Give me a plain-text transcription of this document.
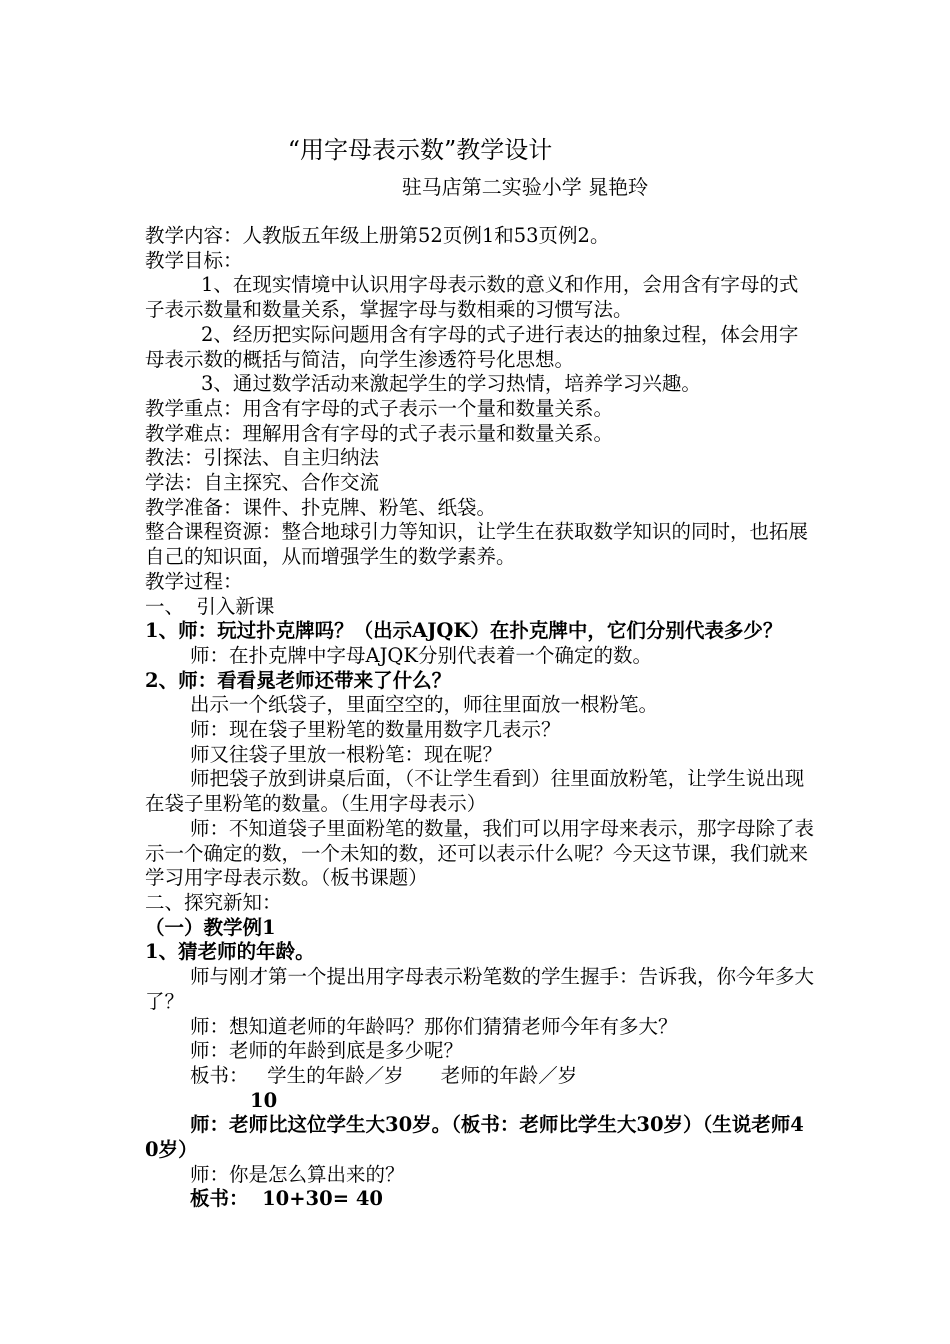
“用字母表示数”教学设计
驻马店第二实验小学 晁艳玲

教学内容：人教版五年级上册第52页例1和53页例2。

教学目标：

1、在现实情境中认识用字母表示数的意义和作用，会用含有字母的式子表示数量和数量关系，掌握字母与数相乘的习惯写法。

2、经历把实际问题用含有字母的式子进行表达的抽象过程，体会用字母表示数的概括与简洁，向学生渗透符号化思想。

3、通过数学活动来激起学生的学习热情，培养学习兴趣。

教学重点：用含有字母的式子表示一个量和数量关系。

教学难点：理解用含有字母的式子表示量和数量关系。

教法：引探法、自主归纳法

学法：自主探究、合作交流

教学准备：课件、扑克牌、粉笔、纸袋。

整合课程资源：整合地球引力等知识，让学生在获取数学知识的同时，也拓展自己的知识面，从而增强学生的数学素养。

教学过程：

一、  引入新课

1、师：玩过扑克牌吗？（出示AJQK）在扑克牌中，它们分别代表多少？

师：在扑克牌中字母AJQK分别代表着一个确定的数。

2、师：看看晁老师还带来了什么？

出示一个纸袋子，里面空空的，师往里面放一根粉笔。

师：现在袋子里粉笔的数量用数字几表示？

师又往袋子里放一根粉笔：现在呢？

师把袋子放到讲桌后面，（不让学生看到）往里面放粉笔，让学生说出现在袋子里粉笔的数量。（生用字母表示）

师：不知道袋子里面粉笔的数量，我们可以用字母来表示，那字母除了表示一个确定的数，一个未知的数，还可以表示什么呢？今天这节课，我们就来学习用字母表示数。（板书课题）

二、探究新知：

（一）教学例1

1、猜老师的年龄。

师与刚才第一个提出用字母表示粉笔数的学生握手：告诉我，你今年多大了？

师：想知道老师的年龄吗？那你们猜猜老师今年有多大？

师：老师的年龄到底是多少呢？

板书：   学生的年龄／岁      老师的年龄／岁

10

师：老师比这位学生大30岁。（板书：老师比学生大30岁）（生说老师40岁）

师：你是怎么算出来的？

板书：  10+30= 40
